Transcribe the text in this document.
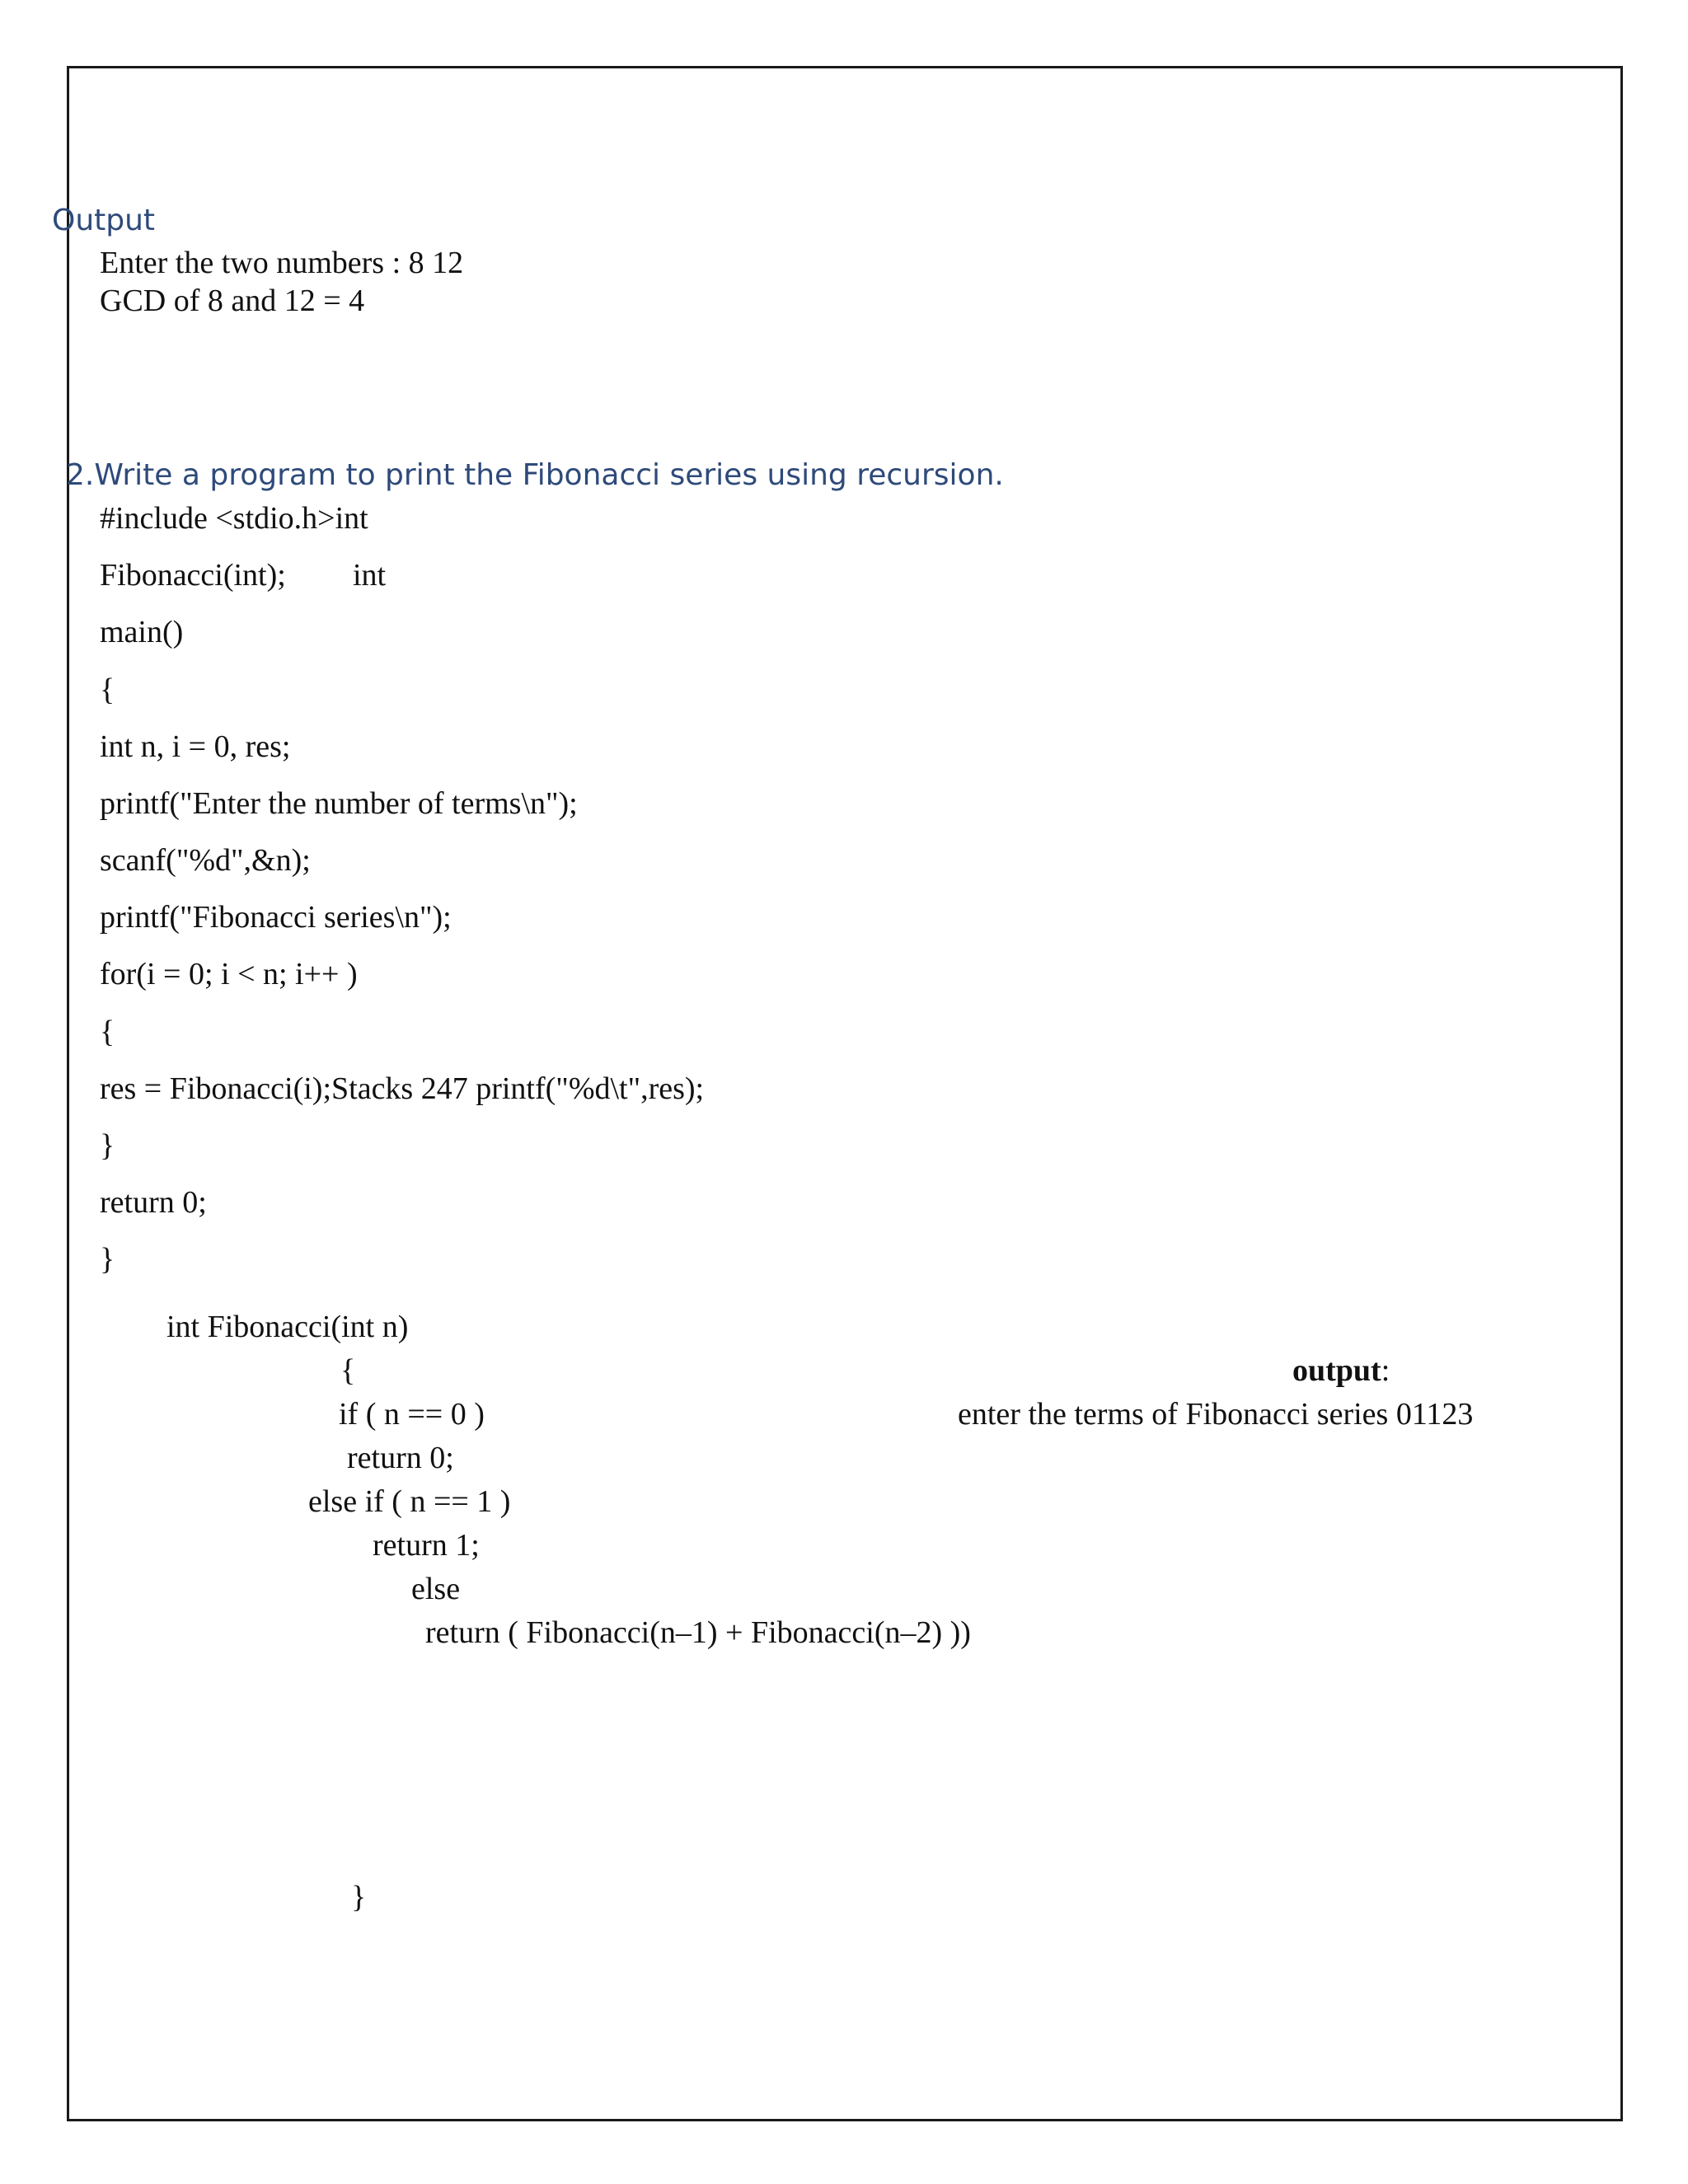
Output
Enter the two numbers : 8 12
GCD of 8 and 12 = 4
2.Write a program to print the Fibonacci series using recursion.
#include <stdio.h>int
Fibonacci(int); int
main()
{
int n, i = 0, res;
printf("Enter the number of terms\n");
scanf("%d",&n);
printf("Fibonacci series\n");
for(i = 0; i < n; i++ )
{
res = Fibonacci(i);Stacks 247 printf("%d\t",res);
}
return 0;
}
int Fibonacci(int n)
{
if ( n == 0 )
return 0;
else if ( n == 1 )
return 1;
else
return ( Fibonacci(n–1) + Fibonacci(n–2) ))
}
output:
enter the terms of Fibonacci series 01123
